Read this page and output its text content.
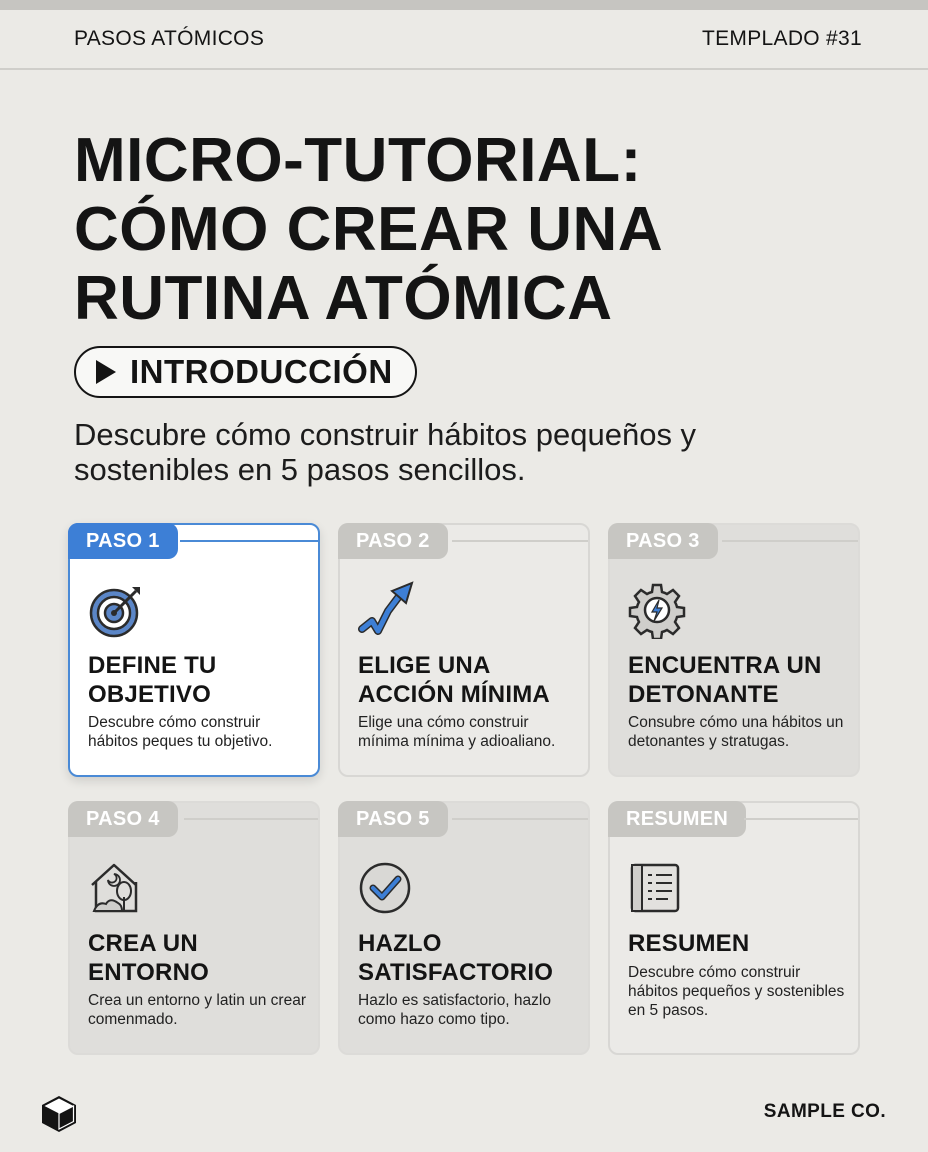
PASOS ATÓMICOS	TEMPLADO #31
MICRO-TUTORIAL:
CÓMO CREAR UNA
RUTINA ATÓMICA
INTRODUCCIÓN

Descubre cómo construir hábitos pequeños y sostenibles en 5 pasos sencillos.

PASO 1
DEFINE TU
OBJETIVO

Descubre cómo construir hábitos peques tu objetivo.

PASO 2
ELIGE UNA
ACCIÓN MÍNIMA

Elige una cómo construir mínima mínima y adioaliano.

PASO 3
ENCUENTRA UN
DETONANTE

Consubre cómo una hábitos un detonantes y stratugas.

PASO 4
CREA UN
ENTORNO

Crea un entorno y latin un crear comenmado.

PASO 5
HAZLO
SATISFACTORIO

Hazlo es satisfactorio, hazlo como hazo como tipo.

RESUMEN
RESUMEN

Descubre cómo construir hábitos pequeños y sostenibles en 5 pasos.

SAMPLE CO.
